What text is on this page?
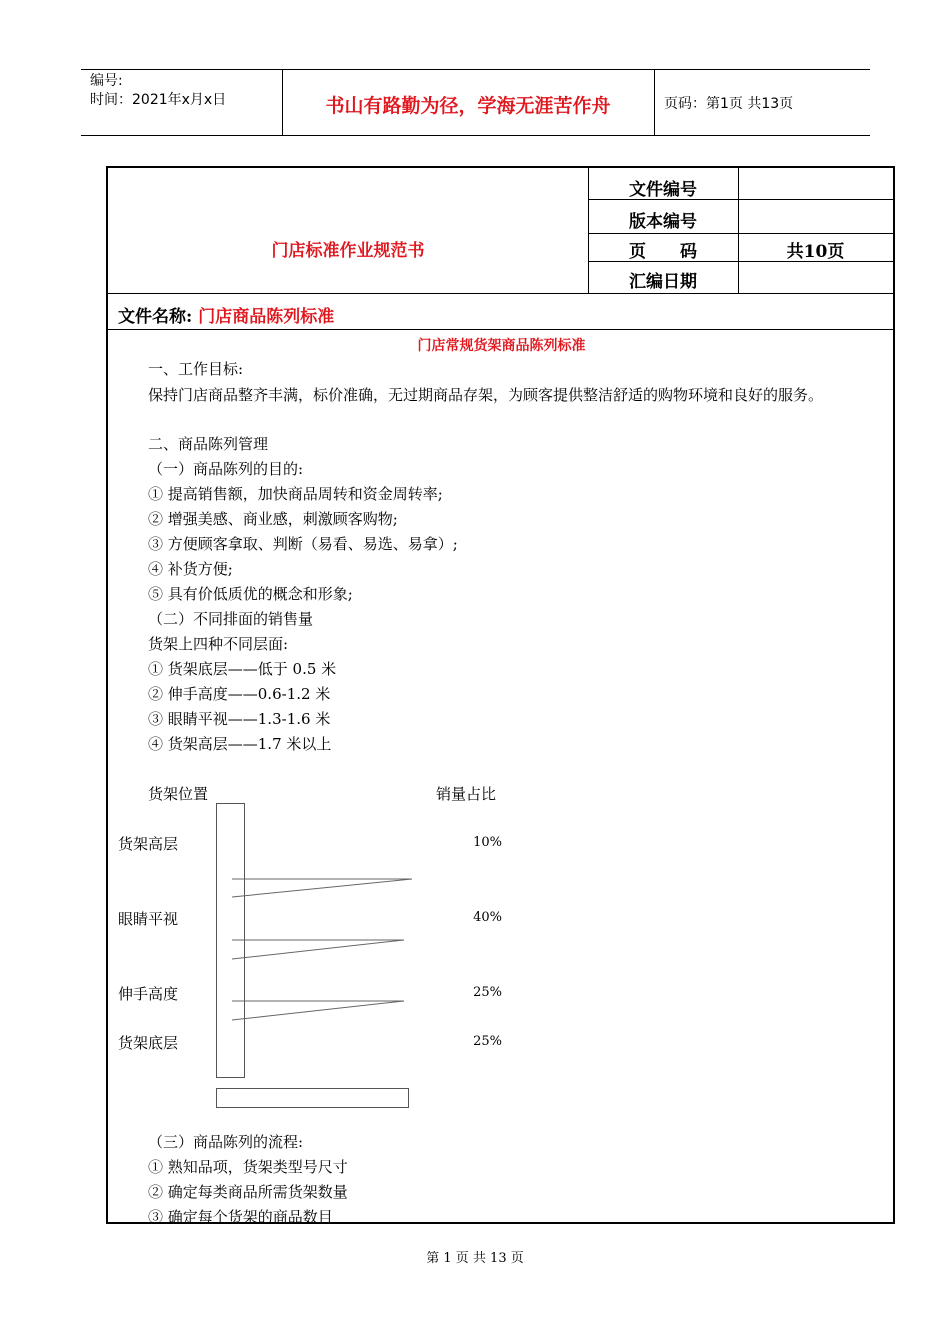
编号:
时间：2021年x月x日	书山有路勤为径，学海无涯苦作舟	页码：第1页 共13页
门店标准作业规范书
文件编号
版本编号
页　　码	共10页
汇编日期
文件名称: 门店商品陈列标准
门店常规货架商品陈列标准
一、工作目标:
保持门店商品整齐丰满，标价准确，无过期商品存架，为顾客提供整洁舒适的购物环境和良好的服务。
二、商品陈列管理
（一）商品陈列的目的:
① 提高销售额，加快商品周转和资金周转率;
② 增强美感、商业感，刺激顾客购物;
③ 方便顾客拿取、判断（易看、易选、易拿）;
④ 补货方便;
⑤ 具有价低质优的概念和形象;
（二）不同排面的销售量
货架上四种不同层面:
① 货架底层——低于 0.5 米
② 伸手高度——0.6-1.2 米
③ 眼睛平视——1.3-1.6 米
④ 货架高层——1.7 米以上
货架位置	销量占比
货架高层	10%
眼睛平视	40%
伸手高度	25%
货架底层	25%
（三）商品陈列的流程:
① 熟知品项，货架类型号尺寸
② 确定每类商品所需货架数量
③ 确定每个货架的商品数目
第 1 页 共 13 页
